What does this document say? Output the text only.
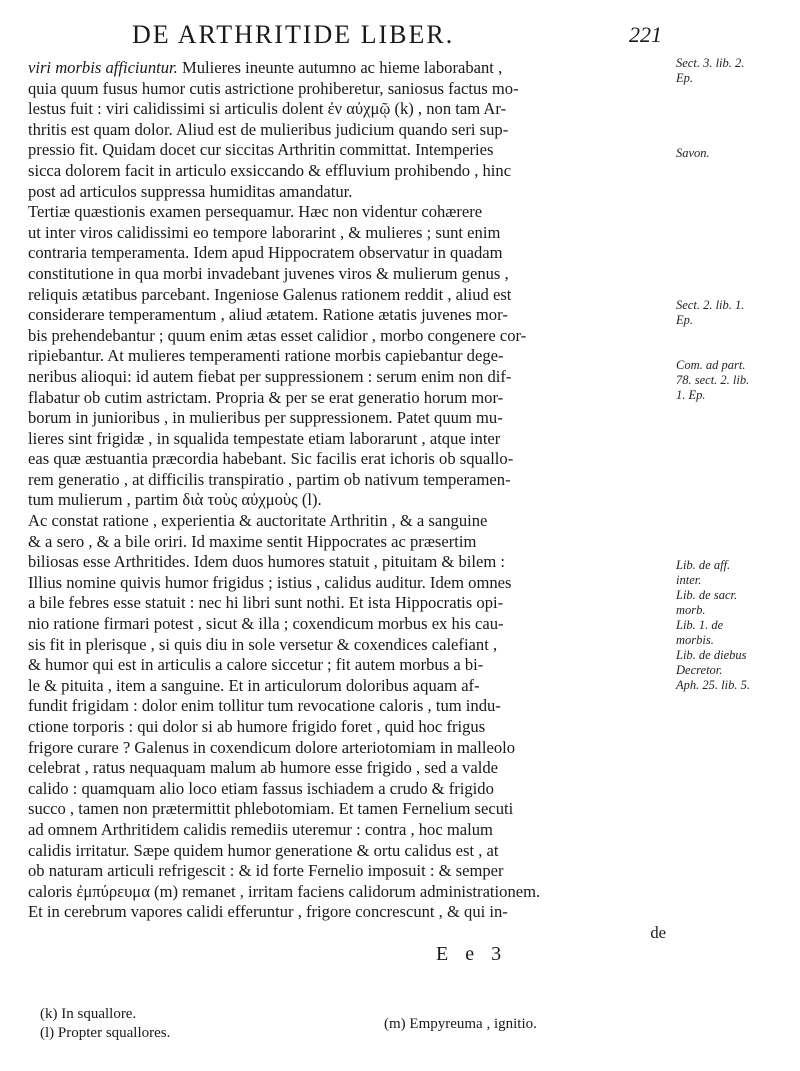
DE ARTHRITIDE LIBER.	221
viri morbis afficiuntur. Mulieres ineunte autumno ac hieme laborabant ,
quia quum fusus humor cutis astrictione prohiberetur, saniosus factus mo-
lestus fuit : viri calidissimi si articulis dolent ἐν αὐχμῷ (k) , non tam Ar-
thritis est quam dolor. Aliud est de mulieribus judicium quando seri sup-
pressio fit. Quidam docet cur siccitas Arthritin committat. Intemperies
sicca dolorem facit in articulo exsiccando & effluvium prohibendo , hinc
post ad articulos suppressa humiditas amandatur.
Tertiæ quæstionis examen persequamur. Hæc non videntur cohærere
ut inter viros calidissimi eo tempore laborarint , & mulieres ; sunt enim
contraria temperamenta. Idem apud Hippocratem observatur in quadam
constitutione in qua morbi invadebant juvenes viros & mulierum genus ,
reliquis ætatibus parcebant. Ingeniose Galenus rationem reddit , aliud est
considerare temperamentum , aliud ætatem. Ratione ætatis juvenes mor-
bis prehendebantur ; quum enim ætas esset calidior , morbo congenere cor-
ripiebantur. At mulieres temperamenti ratione morbis capiebantur dege-
neribus alioqui: id autem fiebat per suppressionem : serum enim non dif-
flabatur ob cutim astrictam. Propria & per se erat generatio horum mor-
borum in junioribus , in mulieribus per suppressionem. Patet quum mu-
lieres sint frigidæ , in squalida tempestate etiam laborarunt , atque inter
eas quæ æstuantia præcordia habebant. Sic facilis erat ichoris ob squallo-
rem generatio , at difficilis transpiratio , partim ob nativum temperamen-
tum mulierum , partim διὰ τοὺς αὐχμοὺς (l).
Ac constat ratione , experientia & auctoritate Arthritin , & a sanguine
& a sero , & a bile oriri. Id maxime sentit Hippocrates ac præsertim
biliosas esse Arthritides. Idem duos humores statuit , pituitam & bilem :
Illius nomine quivis humor frigidus ; istius , calidus auditur. Idem omnes
a bile febres esse statuit : nec hi libri sunt nothi. Et ista Hippocratis opi-
nio ratione firmari potest , sicut & illa ; coxendicum morbus ex his cau-
sis fit in plerisque , si quis diu in sole versetur & coxendices calefiant ,
& humor qui est in articulis a calore siccetur ; fit autem morbus a bi-
le & pituita , item a sanguine. Et in articulorum doloribus aquam af-
fundit frigidam : dolor enim tollitur tum revocatione caloris , tum indu-
ctione torporis : qui dolor si ab humore frigido foret , quid hoc frigus
frigore curare ? Galenus in coxendicum dolore arteriotomiam in malleolo
celebrat , ratus nequaquam malum ab humore esse frigido , sed a valde
calido : quamquam alio loco etiam fassus ischiadem a crudo & frigido
succo , tamen non prætermittit phlebotomiam. Et tamen Fernelium secuti
ad omnem Arthritidem calidis remediis uteremur : contra , hoc malum
calidis irritatur. Sæpe quidem humor generatione & ortu calidus est , at
ob naturam articuli refrigescit : & id forte Fernelio imposuit : & semper
caloris ἐμπύρευμα (m) remanet , irritam faciens calidorum administrationem.
Et in cerebrum vapores calidi efferuntur , frigore concrescunt , & qui in-
de
Sect. 3. lib. 2.
Ep.
Savon.
Sect. 2. lib. 1.
Ep.
Com. ad part.
78. sect. 2. lib.
1. Ep.
Lib. de aff.
inter.
Lib. de sacr.
morb.
Lib. 1. de
morbis.
Lib. de diebus
Decretor.
Aph. 25. lib. 5.
E e 3
(k) In squallore.
(l) Propter squallores.
(m) Empyreuma , ignitio.
